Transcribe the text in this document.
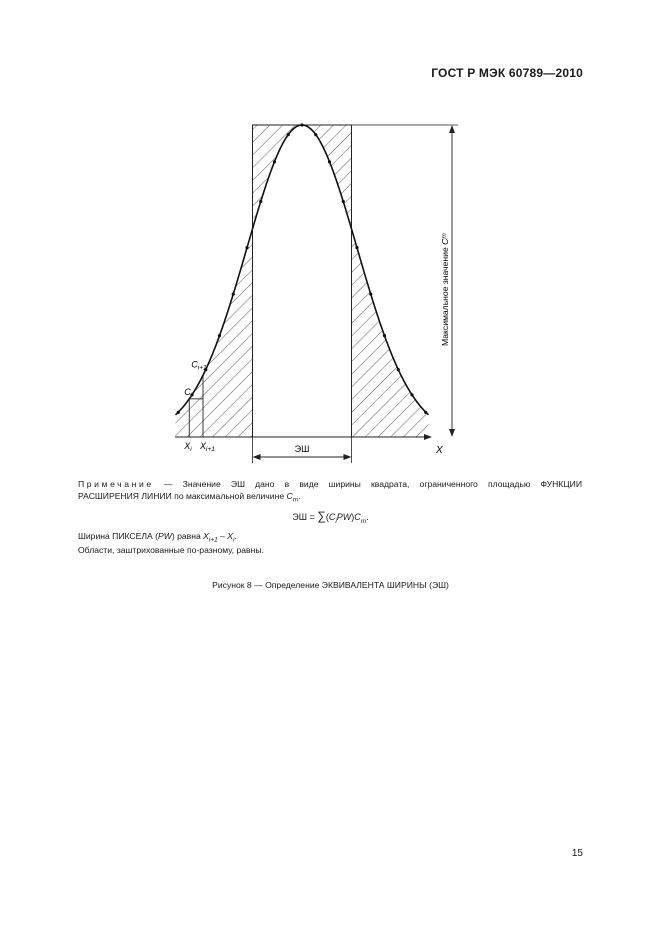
ГОСТ Р МЭК 60789—2010
X
Максимальное значение $C^m$
ЭШ
$C_{i+1}$
$C_i$
$X_i$ $X_{i+1}$
Примечание — Значение ЭШ дано в виде ширины квадрата, ограниченного площадью ФУНКЦИИ
РАСШИРЕНИЯ ЛИНИИ по максимальной величине $C_m$.
ЭШ = $\sum(C_iPW)C_m$.
Ширина ПИКСЕЛА (PW) равна $X_{i+1} - X_i$.
Области, заштрихованные по-разному, равны.
Рисунок 8 — Определение ЭКВИВАЛЕНТА ШИРИНЫ (ЭШ)
15
